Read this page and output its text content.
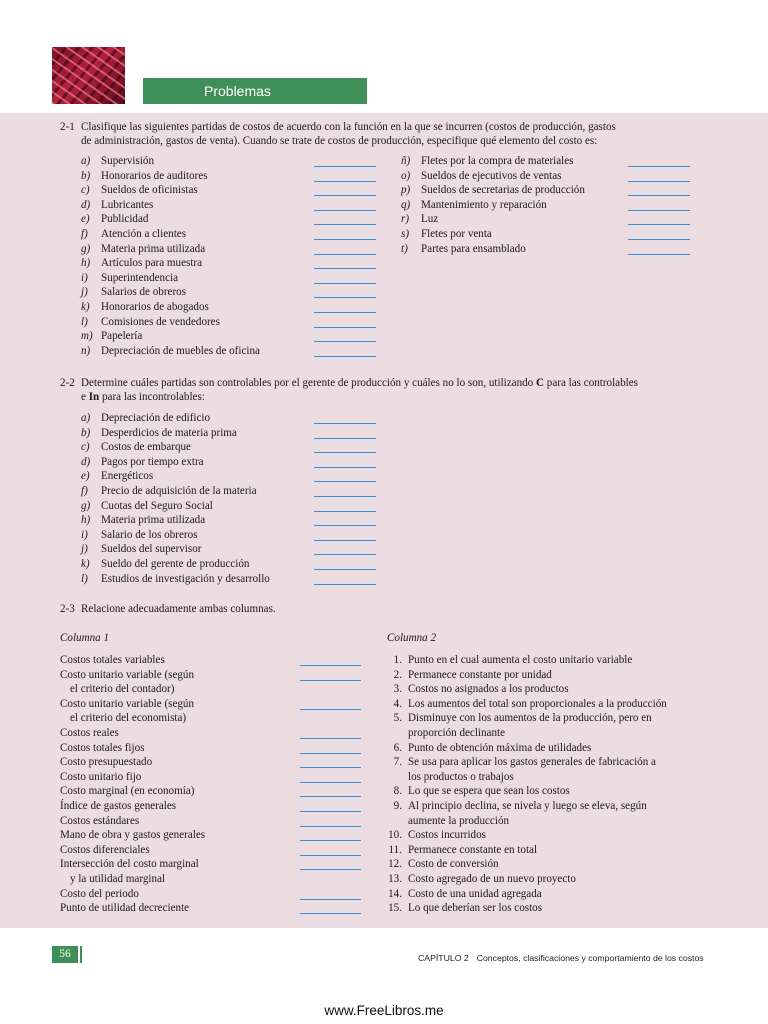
Problemas
2-1 Clasifique las siguientes partidas de costos de acuerdo con la función en la que se incurren (costos de producción, gastos
de administración, gastos de venta). Cuando se trate de costos de producción, especifique qué elemento del costo es:
a) Supervisión
b) Honorarios de auditores
c) Sueldos de oficinistas
d) Lubricantes
e) Publicidad
f) Atención a clientes
g) Materia prima utilizada
h) Artículos para muestra
i) Superintendencia
j) Salarios de obreros
k) Honorarios de abogados
l) Comisiones de vendedores
m) Papelería
n) Depreciación de muebles de oficina
ñ) Fletes por la compra de materiales
o) Sueldos de ejecutivos de ventas
p) Sueldos de secretarias de producción
q) Mantenimiento y reparación
r) Luz
s) Fletes por venta
t) Partes para ensamblado
2-2 Determine cuáles partidas son controlables por el gerente de producción y cuáles no lo son, utilizando C para las controlables
e In para las incontrolables:
a) Depreciación de edificio
b) Desperdicios de materia prima
c) Costos de embarque
d) Pagos por tiempo extra
e) Energéticos
f) Precio de adquisición de la materia
g) Cuotas del Seguro Social
h) Materia prima utilizada
i) Salario de los obreros
j) Sueldos del supervisor
k) Sueldo del gerente de producción
l) Estudios de investigación y desarrollo
2-3 Relacione adecuadamente ambas columnas.
Columna 1	Columna 2
Costos totales variables
Costo unitario variable (según
el criterio del contador)
Costo unitario variable (según
el criterio del economista)
Costos reales
Costos totales fijos
Costo presupuestado
Costo unitario fijo
Costo marginal (en economía)
Índice de gastos generales
Costos estándares
Mano de obra y gastos generales
Costos diferenciales
Intersección del costo marginal
y la utilidad marginal
Costo del periodo
Punto de utilidad decreciente
1. Punto en el cual aumenta el costo unitario variable
2. Permanece constante por unidad
3. Costos no asignados a los productos
4. Los aumentos del total son proporcionales a la producción
5. Disminuye con los aumentos de la producción, pero en
proporción declinante
6. Punto de obtención máxima de utilidades
7. Se usa para aplicar los gastos generales de fabricación a
los productos o trabajos
8. Lo que se espera que sean los costos
9. Al principio declina, se nivela y luego se eleva, según
aumente la producción
10. Costos incurridos
11. Permanece constante en total
12. Costo de conversión
13. Costo agregado de un nuevo proyecto
14. Costo de una unidad agregada
15. Lo que deberían ser los costos
56	CAPÍTULO 2 Conceptos, clasificaciones y comportamiento de los costos
www.FreeLibros.me
